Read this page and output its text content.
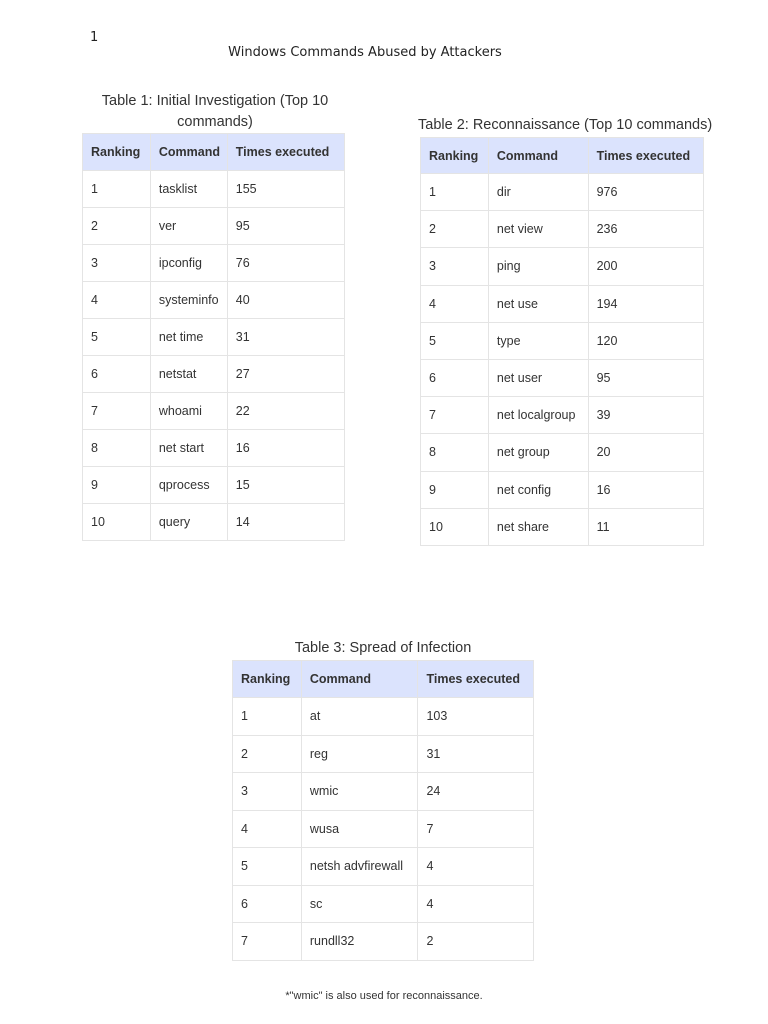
1
Windows Commands Abused by Attackers
Table 1: Initial Investigation (Top 10 commands)
Ranking	Command	Times executed
1	tasklist	155
2	ver	95
3	ipconfig	76
4	systeminfo	40
5	net time	31
6	netstat	27
7	whoami	22
8	net start	16
9	qprocess	15
10	query	14
Table 2: Reconnaissance (Top 10 commands)
Ranking	Command	Times executed
1	dir	976
2	net view	236
3	ping	200
4	net use	194
5	type	120
6	net user	95
7	net localgroup	39
8	net group	20
9	net config	16
10	net share	11
Table 3: Spread of Infection
Ranking	Command	Times executed
1	at	103
2	reg	31
3	wmic	24
4	wusa	7
5	netsh advfirewall	4
6	sc	4
7	rundll32	2
*"wmic" is also used for reconnaissance.
